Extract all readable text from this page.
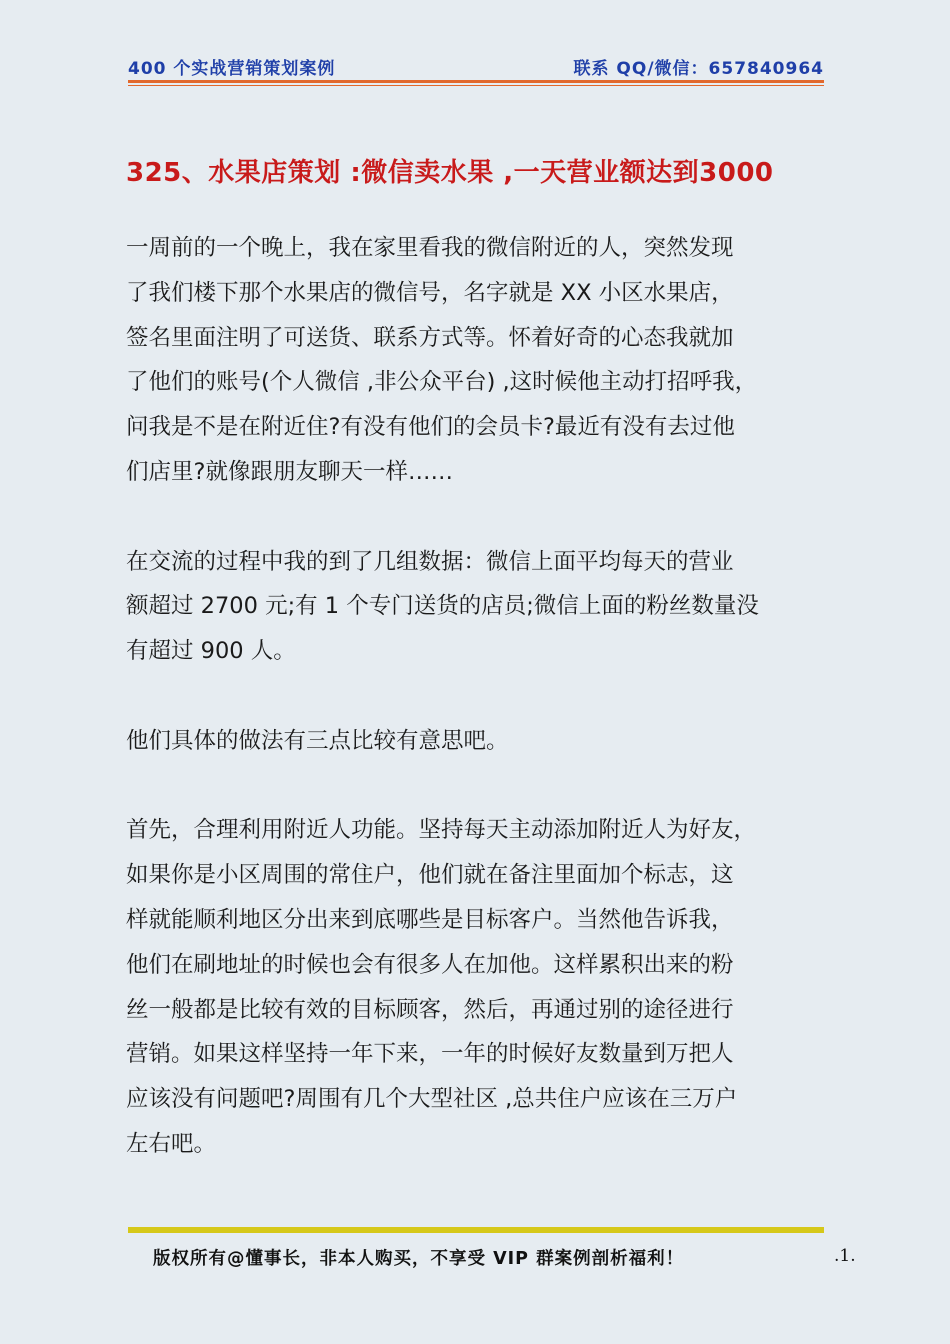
400 个实战营销策划案例	联系 QQ/微信：657840964
325、水果店策划 :微信卖水果 ,一天营业额达到3000

一周前的一个晚上，我在家里看我的微信附近的人，突然发现
了我们楼下那个水果店的微信号，名字就是 XX 小区水果店，
签名里面注明了可送货、联系方式等。怀着好奇的心态我就加
了他们的账号(个人微信 ,非公众平台) ,这时候他主动打招呼我，
问我是不是在附近住?有没有他们的会员卡?最近有没有去过他
们店里?就像跟朋友聊天一样……

在交流的过程中我的到了几组数据：微信上面平均每天的营业
额超过 2700 元;有 1 个专门送货的店员;微信上面的粉丝数量没
有超过 900 人。

他们具体的做法有三点比较有意思吧。

首先，合理利用附近人功能。坚持每天主动添加附近人为好友，
如果你是小区周围的常住户，他们就在备注里面加个标志，这
样就能顺利地区分出来到底哪些是目标客户。当然他告诉我，
他们在刷地址的时候也会有很多人在加他。这样累积出来的粉
丝一般都是比较有效的目标顾客，然后，再通过别的途径进行
营销。如果这样坚持一年下来，一年的时候好友数量到万把人
应该没有问题吧?周围有几个大型社区 ,总共住户应该在三万户
左右吧。

版权所有@懂事长，非本人购买，不享受 VIP 群案例剖析福利！	.1.
